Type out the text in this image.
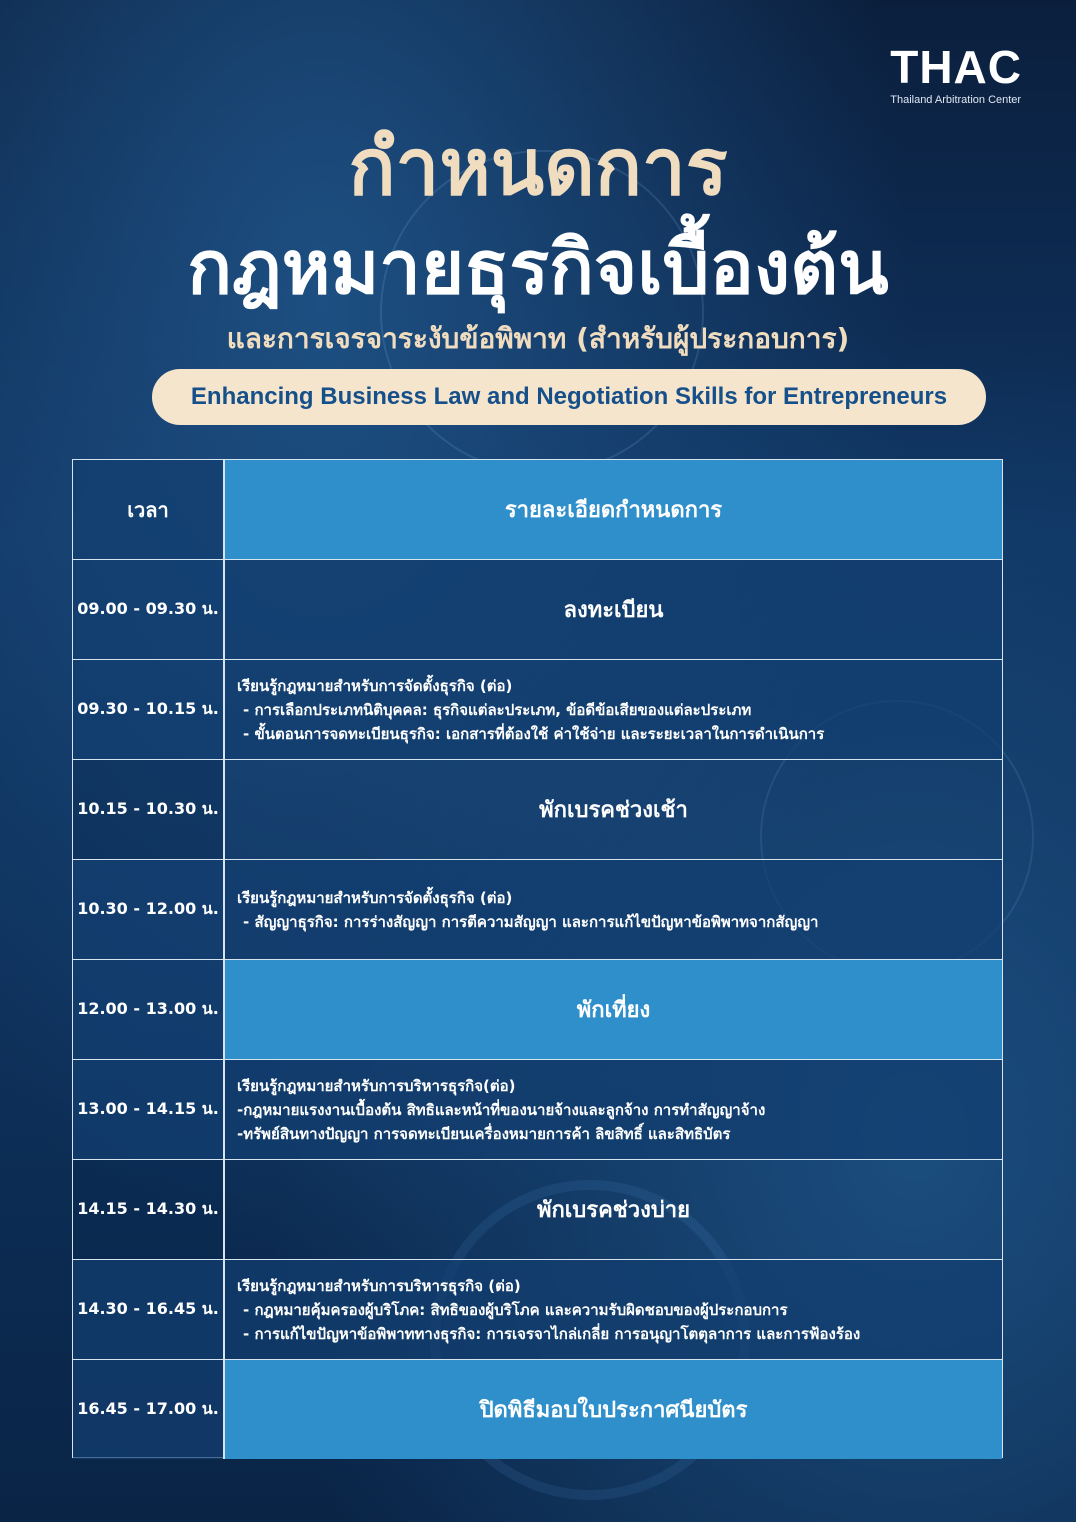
THAC
Thailand Arbitration Center
กำหนดการ
กฎหมายธุรกิจเบื้องต้น
และการเจรจาระงับข้อพิพาท (สำหรับผู้ประกอบการ)
Enhancing Business Law and Negotiation Skills for Entrepreneurs
เวลา	รายละเอียดกำหนดการ
09.00 - 09.30 น.	ลงทะเบียน
09.30 - 10.15 น.
เรียนรู้กฎหมายสำหรับการจัดตั้งธุรกิจ (ต่อ)
- การเลือกประเภทนิติบุคคล: ธุรกิจแต่ละประเภท, ข้อดีข้อเสียของแต่ละประเภท
- ขั้นตอนการจดทะเบียนธุรกิจ: เอกสารที่ต้องใช้ ค่าใช้จ่าย และระยะเวลาในการดำเนินการ
10.15 - 10.30 น.	พักเบรคช่วงเช้า
10.30 - 12.00 น.
เรียนรู้กฎหมายสำหรับการจัดตั้งธุรกิจ (ต่อ)
- สัญญาธุรกิจ: การร่างสัญญา การตีความสัญญา และการแก้ไขปัญหาข้อพิพาทจากสัญญา
12.00 - 13.00 น.	พักเที่ยง
13.00 - 14.15 น.
เรียนรู้กฎหมายสำหรับการบริหารธุรกิจ(ต่อ)
-กฎหมายแรงงานเบื้องต้น สิทธิและหน้าที่ของนายจ้างและลูกจ้าง การทำสัญญาจ้าง
-ทรัพย์สินทางปัญญา การจดทะเบียนเครื่องหมายการค้า ลิขสิทธิ์ และสิทธิบัตร
14.15 - 14.30 น.	พักเบรคช่วงบ่าย
14.30 - 16.45 น.
เรียนรู้กฎหมายสำหรับการบริหารธุรกิจ (ต่อ)
- กฎหมายคุ้มครองผู้บริโภค: สิทธิของผู้บริโภค และความรับผิดชอบของผู้ประกอบการ
- การแก้ไขปัญหาข้อพิพาททางธุรกิจ: การเจรจาไกล่เกลี่ย การอนุญาโตตุลาการ และการฟ้องร้อง
16.45 - 17.00 น.	ปิดพิธีมอบใบประกาศนียบัตร
